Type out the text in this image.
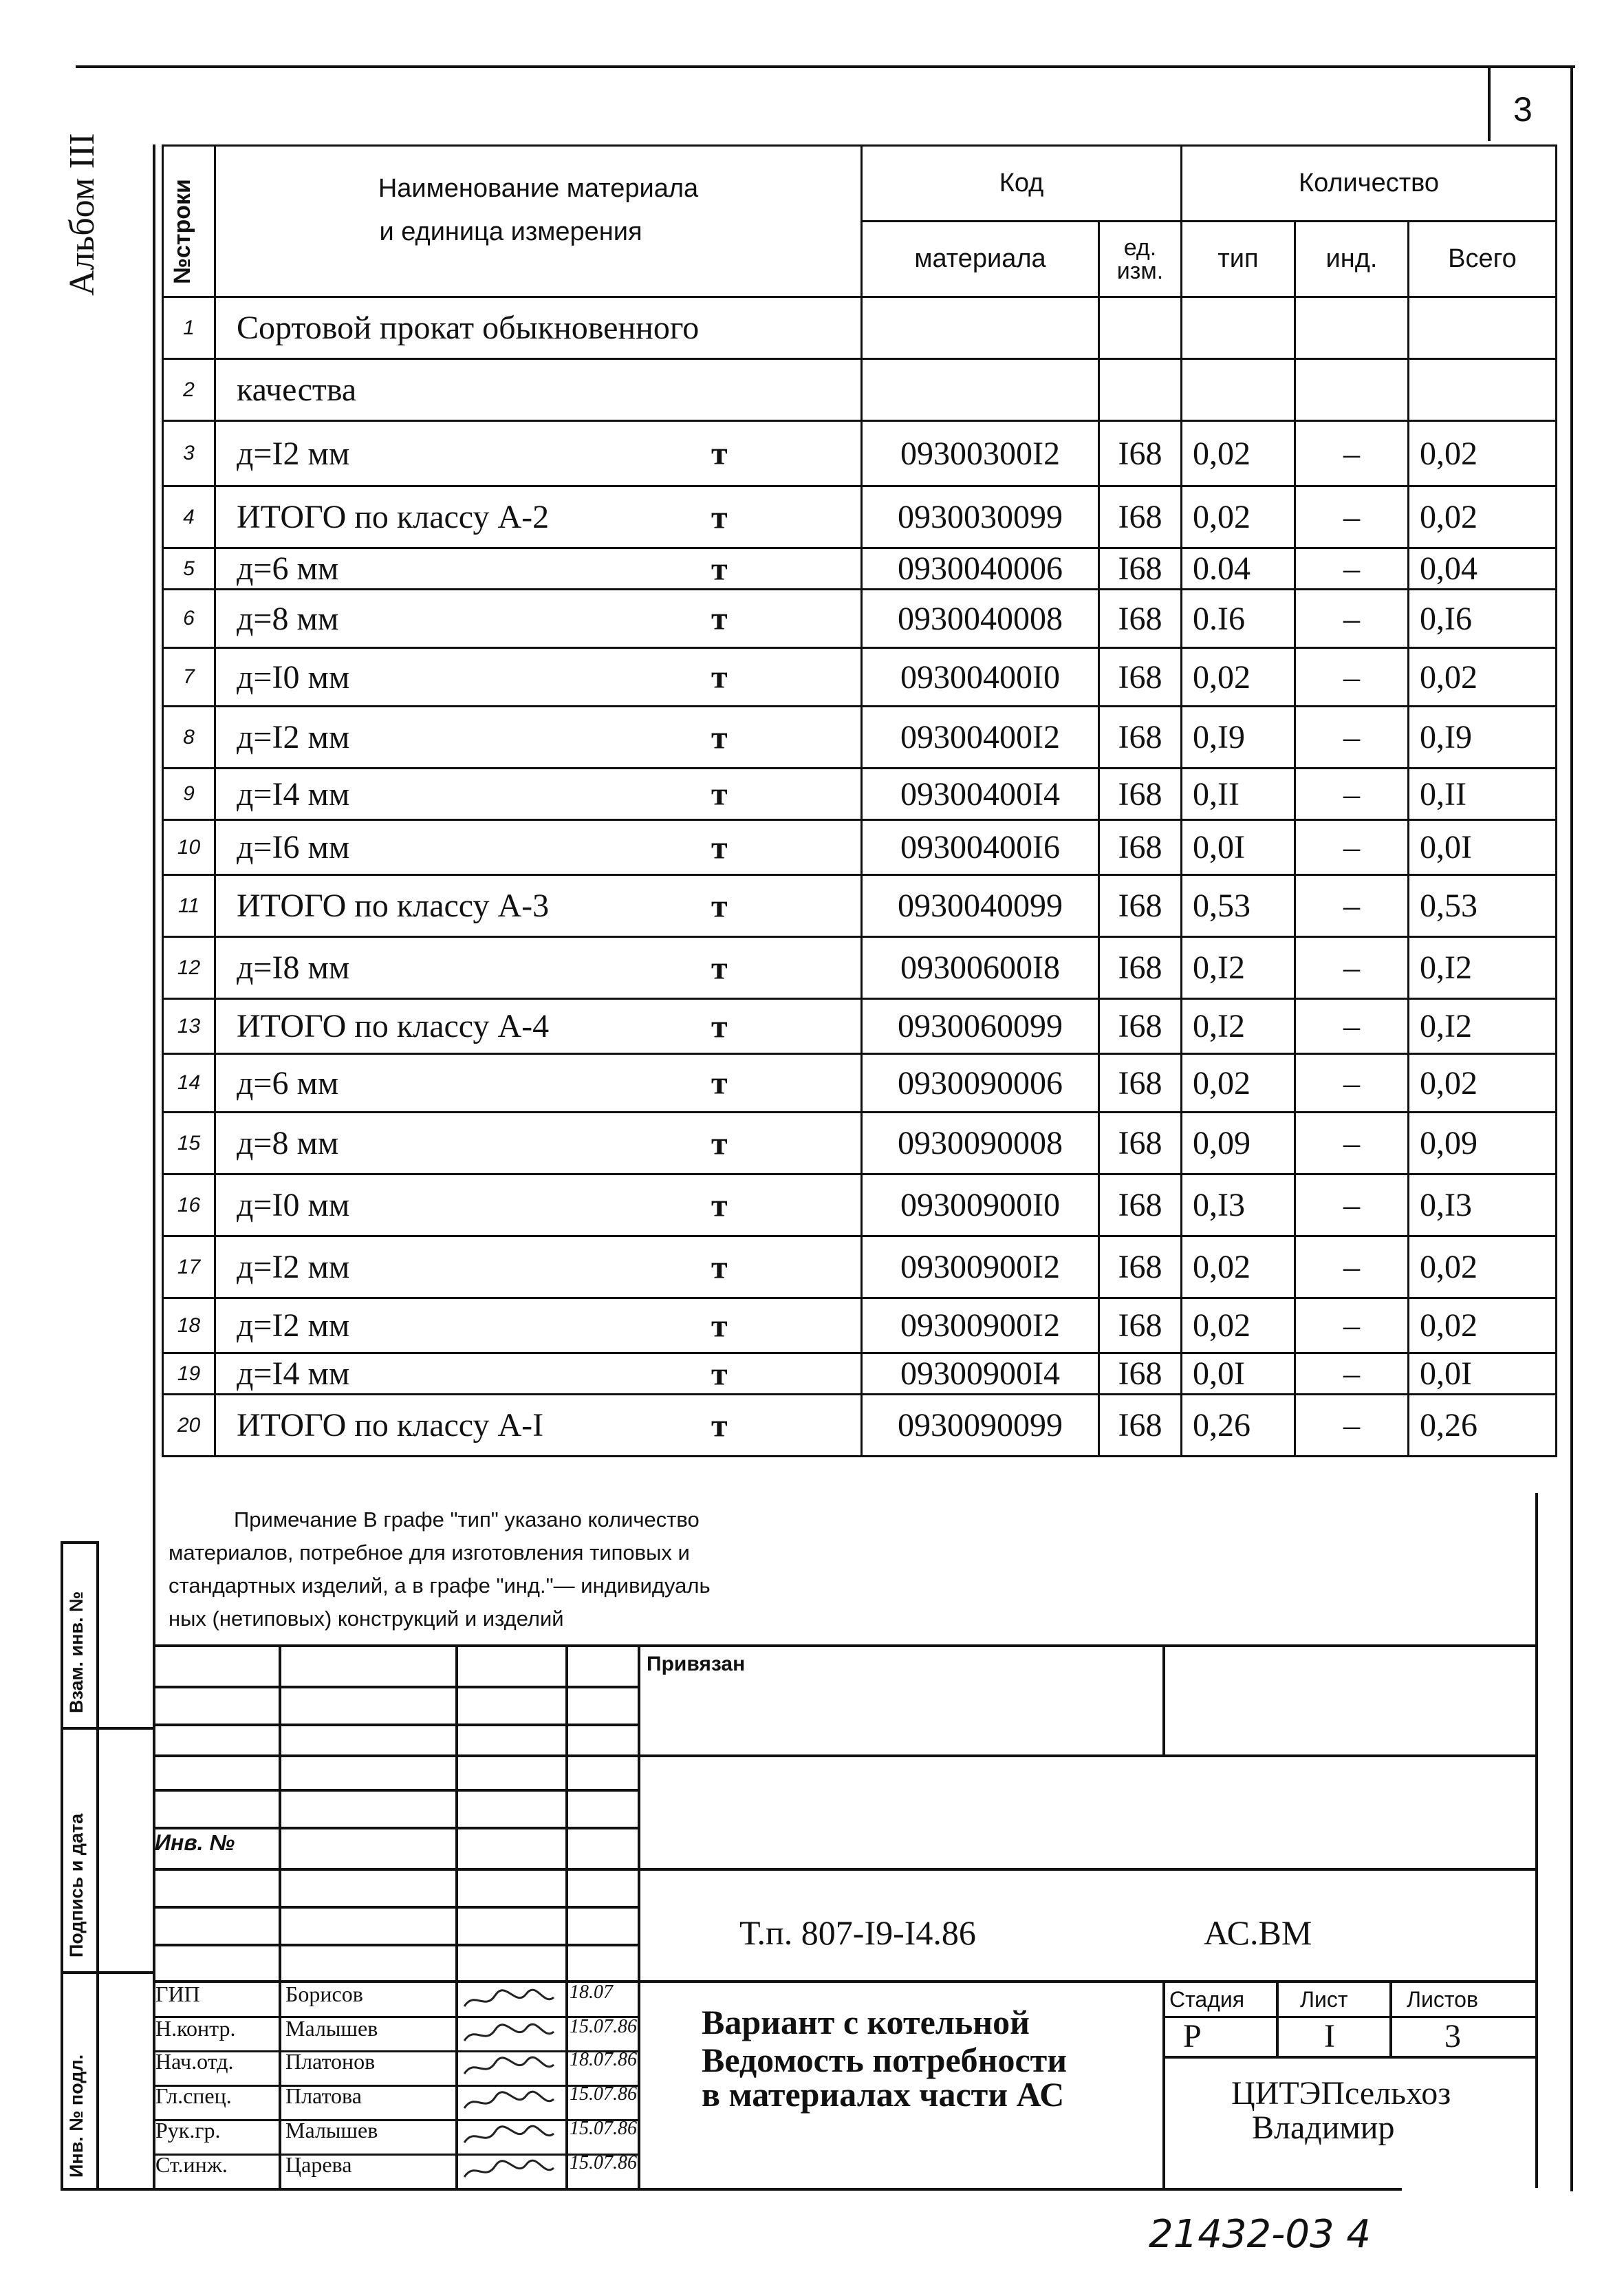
3
Альбом III	№строки	Наименование материала
и единица измерения	Код		Количество		
		материала	ед. изм.	тип	инд.	Всего
1	Сортовой прокат обыкновенного

2	качества

3	д=I2 мм т	09300300I2	I68	0,02	–	0,02
4	ИТОГО по классу А-2 т	0930030099	I68	0,02	–	0,02
5	д=6 мм т	0930040006	I68	0.04	–	0,04
6	д=8 мм т	0930040008	I68	0.I6	–	0,I6
7	д=I0 мм т	09300400I0	I68	0,02	–	0,02
8	д=I2 мм т	09300400I2	I68	0,I9	–	0,I9
9	д=I4 мм т	09300400I4	I68	0,II	–	0,II
10	д=I6 мм т	09300400I6	I68	0,0I	–	0,0I
11	ИТОГО по классу А-3 т	0930040099	I68	0,53	–	0,53
12	д=I8 мм т	09300600I8	I68	0,I2	–	0,I2
13	ИТОГО по классу А-4 т	0930060099	I68	0,I2	–	0,I2
14	д=6 мм т	0930090006	I68	0,02	–	0,02
15	д=8 мм т	0930090008	I68	0,09	–	0,09
16	д=I0 мм т	09300900I0	I68	0,I3	–	0,I3
17	д=I2 мм т	09300900I2	I68	0,02	–	0,02
18	д=I2 мм т	09300900I2	I68	0,02	–	0,02
19	д=I4 мм т	09300900I4	I68	0,0I	–	0,0I
20	ИТОГО по классу А-I т	0930090099	I68	0,26	–	0,26
Примечание В графе "тип" указано количество
материалов, потребное для изготовления типовых и
стандартных изделий, а в графе "инд."— индивидуаль
ных (нетиповых) конструкций и изделий
Взам. инв. №
Подпись и дата
Инв. № подл.
Привязан
Инв. №
Т.п. 807-I9-I4.86	АС.ВМ
Вариант с котельной
Ведомость потребности
в материалах части АС
Стадия	Лист	Листов
Р	I	3
ЦИТЭПсельхоз
Владимир
ГИП	Борисов	18.07
Н.контр. Малышев	15.07.86
Нач.отд. Платонов	18.07.86
Гл.спец. Платова	15.07.86
Рук.гр.	Малышев	15.07.86
Ст.инж.	Царева	15.07.86
21432-03 4
